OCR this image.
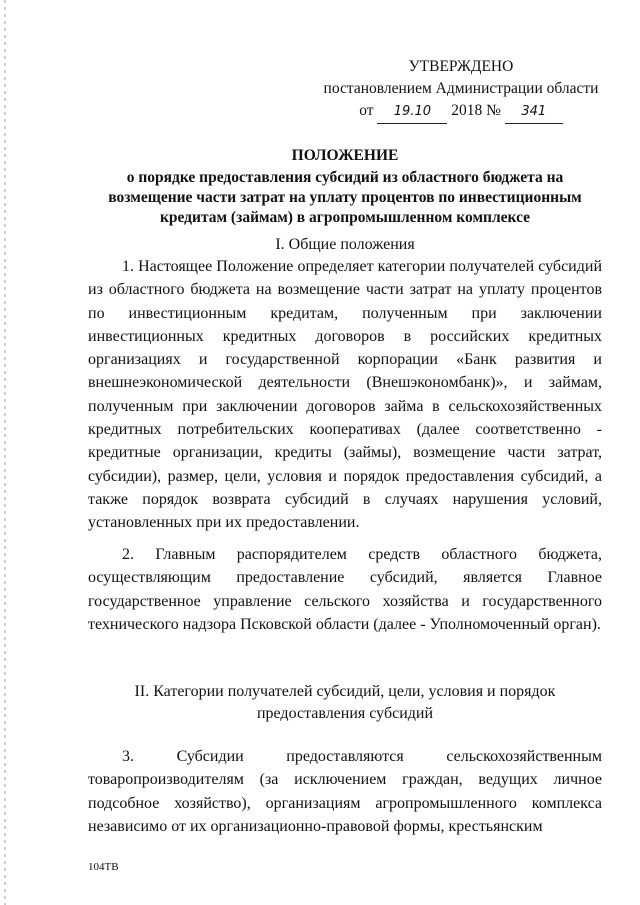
УТВЕРЖДЕНО
постановлением Администрации области
от 19.10 2018 № 341
ПОЛОЖЕНИЕ
о порядке предоставления субсидий из областного бюджета на возмещение части затрат на уплату процентов по инвестиционным кредитам (займам) в агропромышленном комплексе
I. Общие положения

1. Настоящее Положение определяет категории получателей субсидий из областного бюджета на возмещение части затрат на уплату процентов по инвестиционным кредитам, полученным при заключении инвестиционных кредитных договоров в российских кредитных организациях и государственной корпорации «Банк развития и внешнеэкономической деятельности (Внешэкономбанк)», и займам, полученным при заключении договоров займа в сельскохозяйственных кредитных потребительских кооперативах (далее соответственно - кредитные организации, кредиты (займы), возмещение части затрат, субсидии), размер, цели, условия и порядок предоставления субсидий, а также порядок возврата субсидий в случаях нарушения условий, установленных при их предоставлении.

2. Главным распорядителем средств областного бюджета, осуществляющим предоставление субсидий, является Главное государственное управление сельского хозяйства и государственного технического надзора Псковской области (далее - Уполномоченный орган).

II. Категории получателей субсидий, цели, условия и порядок
предоставления субсидий

3. Субсидии предоставляются сельскохозяйственным товаропроизводителям (за исключением граждан, ведущих личное подсобное хозяйство), организациям агропромышленного комплекса независимо от их организационно-правовой формы, крестьянским

104ТВ
